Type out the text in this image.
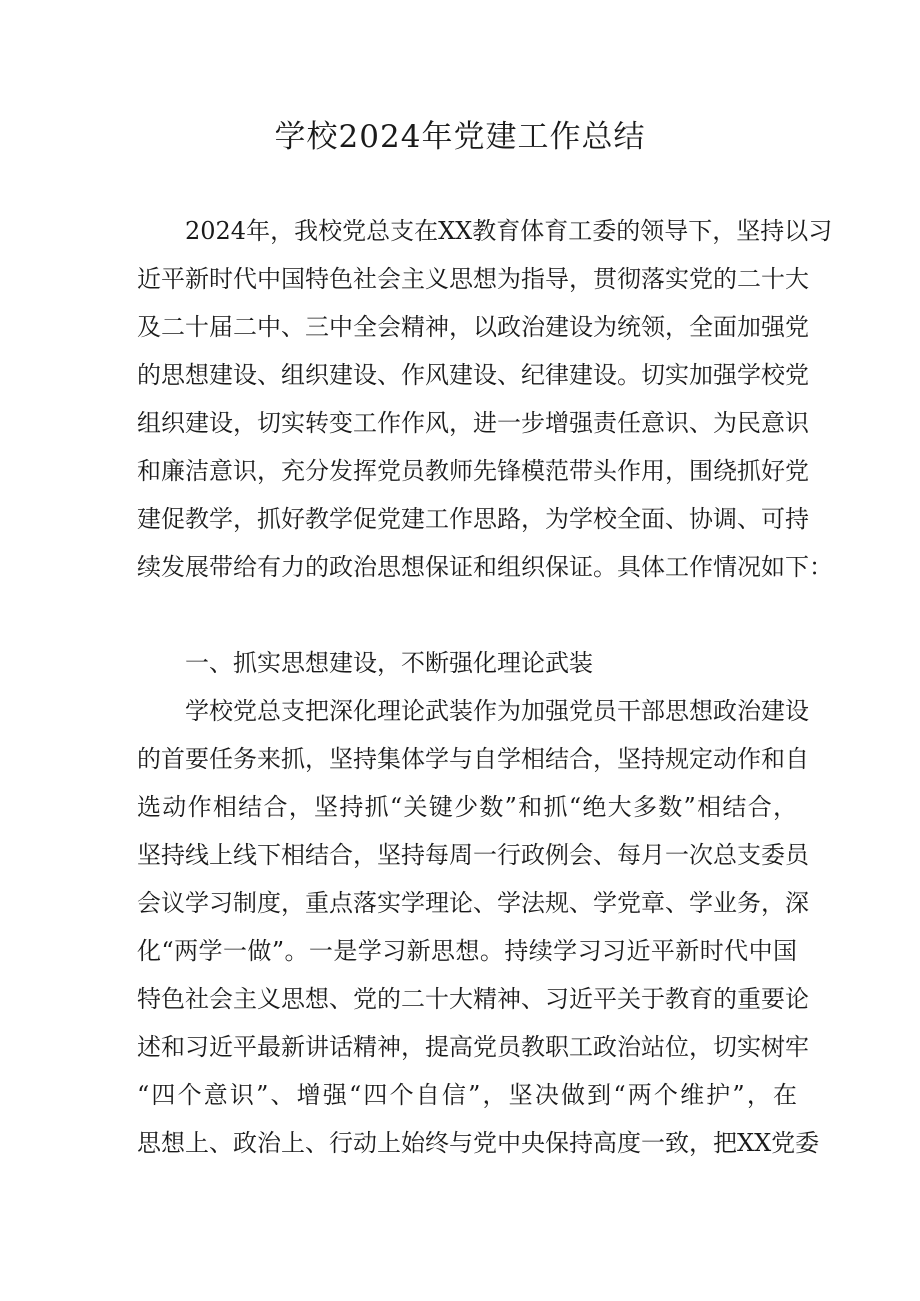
学校2024年党建工作总结
2024年，我校党总支在XX教育体育工委的领导下，坚持以习
近平新时代中国特色社会主义思想为指导，贯彻落实党的二十大
及二十届二中、三中全会精神，以政治建设为统领，全面加强党
的思想建设、组织建设、作风建设、纪律建设。切实加强学校党
组织建设，切实转变工作作风，进一步增强责任意识、为民意识
和廉洁意识，充分发挥党员教师先锋模范带头作用，围绕抓好党
建促教学，抓好教学促党建工作思路，为学校全面、协调、可持
续发展带给有力的政治思想保证和组织保证。具体工作情况如下：
一、抓实思想建设，不断强化理论武装
学校党总支把深化理论武装作为加强党员干部思想政治建设
的首要任务来抓，坚持集体学与自学相结合，坚持规定动作和自
选动作相结合，坚持抓“关键少数”和抓“绝大多数”相结合，
坚持线上线下相结合，坚持每周一行政例会、每月一次总支委员
会议学习制度，重点落实学理论、学法规、学党章、学业务，深
化“两学一做”。一是学习新思想。持续学习习近平新时代中国
特色社会主义思想、党的二十大精神、习近平关于教育的重要论
述和习近平最新讲话精神，提高党员教职工政治站位，切实树牢
“四个意识”、增强“四个自信”，坚决做到“两个维护”，在
思想上、政治上、行动上始终与党中央保持高度一致，把XX党委
